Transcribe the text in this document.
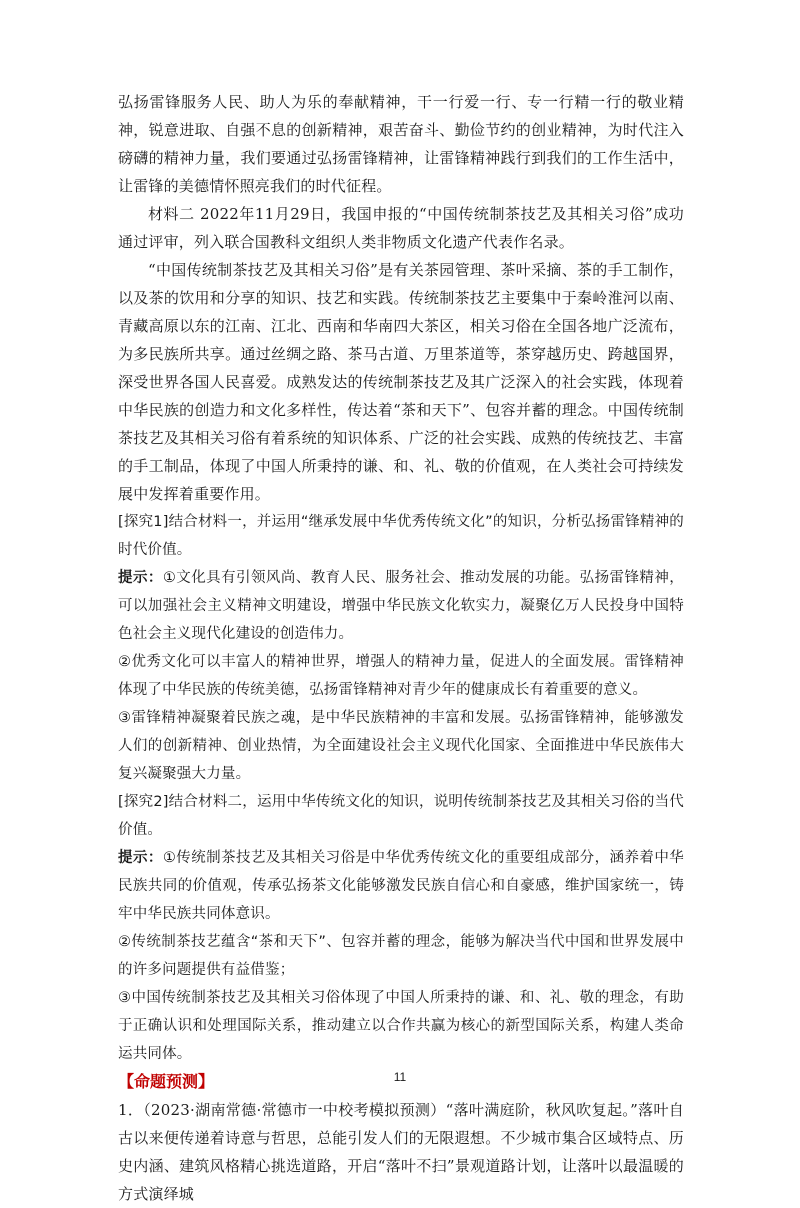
弘扬雷锋服务人民、助人为乐的奉献精神，干一行爱一行、专一行精一行的敬业精神，锐意进取、自强不息的创新精神，艰苦奋斗、勤俭节约的创业精神，为时代注入磅礴的精神力量，我们要通过弘扬雷锋精神，让雷锋精神践行到我们的工作生活中，让雷锋的美德情怀照亮我们的时代征程。

材料二 2022年11月29日，我国申报的“中国传统制茶技艺及其相关习俗”成功通过评审，列入联合国教科文组织人类非物质文化遗产代表作名录。

“中国传统制茶技艺及其相关习俗”是有关茶园管理、茶叶采摘、茶的手工制作，以及茶的饮用和分享的知识、技艺和实践。传统制茶技艺主要集中于秦岭淮河以南、青藏高原以东的江南、江北、西南和华南四大茶区，相关习俗在全国各地广泛流布，为多民族所共享。通过丝绸之路、茶马古道、万里茶道等，茶穿越历史、跨越国界，深受世界各国人民喜爱。成熟发达的传统制茶技艺及其广泛深入的社会实践，体现着中华民族的创造力和文化多样性，传达着“茶和天下”、包容并蓄的理念。中国传统制茶技艺及其相关习俗有着系统的知识体系、广泛的社会实践、成熟的传统技艺、丰富的手工制品，体现了中国人所秉持的谦、和、礼、敬的价值观，在人类社会可持续发展中发挥着重要作用。

[探究1]结合材料一，并运用“继承发展中华优秀传统文化”的知识，分析弘扬雷锋精神的时代价值。

提示：①文化具有引领风尚、教育人民、服务社会、推动发展的功能。弘扬雷锋精神，可以加强社会主义精神文明建设，增强中华民族文化软实力，凝聚亿万人民投身中国特色社会主义现代化建设的创造伟力。

②优秀文化可以丰富人的精神世界，增强人的精神力量，促进人的全面发展。雷锋精神体现了中华民族的传统美德，弘扬雷锋精神对青少年的健康成长有着重要的意义。

③雷锋精神凝聚着民族之魂，是中华民族精神的丰富和发展。弘扬雷锋精神，能够激发人们的创新精神、创业热情，为全面建设社会主义现代化国家、全面推进中华民族伟大复兴凝聚强大力量。

[探究2]结合材料二，运用中华传统文化的知识，说明传统制茶技艺及其相关习俗的当代价值。

提示：①传统制茶技艺及其相关习俗是中华优秀传统文化的重要组成部分，涵养着中华民族共同的价值观，传承弘扬茶文化能够激发民族自信心和自豪感，维护国家统一，铸牢中华民族共同体意识。

②传统制茶技艺蕴含“茶和天下”、包容并蓄的理念，能够为解决当代中国和世界发展中的许多问题提供有益借鉴；

③中国传统制茶技艺及其相关习俗体现了中国人所秉持的谦、和、礼、敬的理念，有助于正确认识和处理国际关系，推动建立以合作共赢为核心的新型国际关系，构建人类命运共同体。

【命题预测】

1．（2023·湖南常德·常德市一中校考模拟预测）“落叶满庭阶，秋风吹复起。”落叶自古以来便传递着诗意与哲思，总能引发人们的无限遐想。不少城市集合区域特点、历史内涵、建筑风格精心挑选道路，开启“落叶不扫”景观道路计划，让落叶以最温暖的方式演绎城

11
